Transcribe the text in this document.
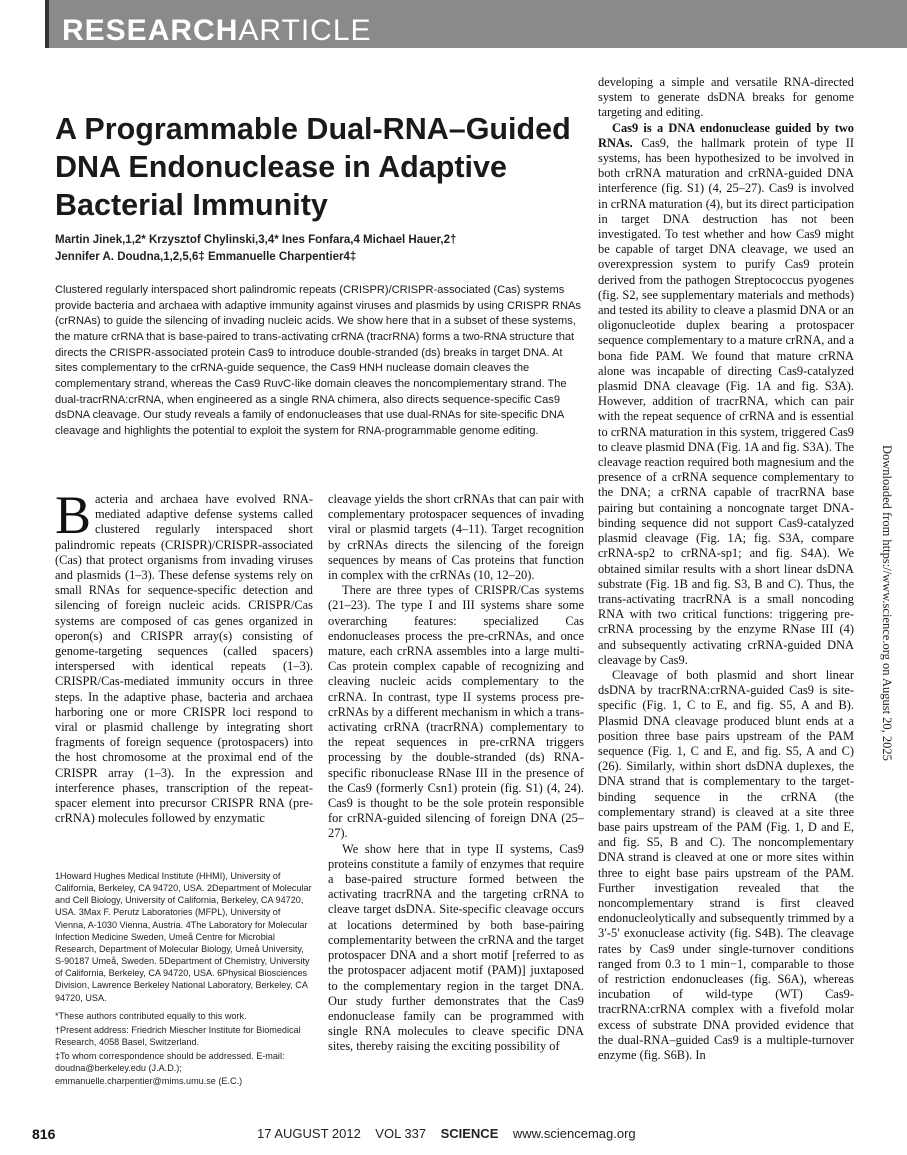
RESEARCHARTICLE
A Programmable Dual-RNA–Guided DNA Endonuclease in Adaptive Bacterial Immunity
Martin Jinek,1,2* Krzysztof Chylinski,3,4* Ines Fonfara,4 Michael Hauer,2†
Jennifer A. Doudna,1,2,5,6‡ Emmanuelle Charpentier4‡
Clustered regularly interspaced short palindromic repeats (CRISPR)/CRISPR-associated (Cas) systems provide bacteria and archaea with adaptive immunity against viruses and plasmids by using CRISPR RNAs (crRNAs) to guide the silencing of invading nucleic acids. We show here that in a subset of these systems, the mature crRNA that is base-paired to trans-activating crRNA (tracrRNA) forms a two-RNA structure that directs the CRISPR-associated protein Cas9 to introduce double-stranded (ds) breaks in target DNA. At sites complementary to the crRNA-guide sequence, the Cas9 HNH nuclease domain cleaves the complementary strand, whereas the Cas9 RuvC-like domain cleaves the noncomplementary strand. The dual-tracrRNA:crRNA, when engineered as a single RNA chimera, also directs sequence-specific Cas9 dsDNA cleavage. Our study reveals a family of endonucleases that use dual-RNAs for site-specific DNA cleavage and highlights the potential to exploit the system for RNA-programmable genome editing.

Bacteria and archaea have evolved RNA-mediated adaptive defense systems called clustered regularly interspaced short palindromic repeats (CRISPR)/CRISPR-associated (Cas) that protect organisms from invading viruses and plasmids (1–3). These defense systems rely on small RNAs for sequence-specific detection and silencing of foreign nucleic acids. CRISPR/Cas systems are composed of cas genes organized in operon(s) and CRISPR array(s) consisting of genome-targeting sequences (called spacers) interspersed with identical repeats (1–3). CRISPR/Cas-mediated immunity occurs in three steps. In the adaptive phase, bacteria and archaea harboring one or more CRISPR loci respond to viral or plasmid challenge by integrating short fragments of foreign sequence (protospacers) into the host chromosome at the proximal end of the CRISPR array (1–3). In the expression and interference phases, transcription of the repeat-spacer element into precursor CRISPR RNA (pre-crRNA) molecules followed by enzymatic

1Howard Hughes Medical Institute (HHMI), University of California, Berkeley, CA 94720, USA. 2Department of Molecular and Cell Biology, University of California, Berkeley, CA 94720, USA. 3Max F. Perutz Laboratories (MFPL), University of Vienna, A-1030 Vienna, Austria. 4The Laboratory for Molecular Infection Medicine Sweden, Umeå Centre for Microbial Research, Department of Molecular Biology, Umeå University, S-90187 Umeå, Sweden. 5Department of Chemistry, University of California, Berkeley, CA 94720, USA. 6Physical Biosciences Division, Lawrence Berkeley National Laboratory, Berkeley, CA 94720, USA.

*These authors contributed equally to this work.

†Present address: Friedrich Miescher Institute for Biomedical Research, 4058 Basel, Switzerland.

‡To whom correspondence should be addressed. E-mail: doudna@berkeley.edu (J.A.D.); emmanuelle.charpentier@mims.umu.se (E.C.)

cleavage yields the short crRNAs that can pair with complementary protospacer sequences of invading viral or plasmid targets (4–11). Target recognition by crRNAs directs the silencing of the foreign sequences by means of Cas proteins that function in complex with the crRNAs (10, 12–20).

There are three types of CRISPR/Cas systems (21–23). The type I and III systems share some overarching features: specialized Cas endonucleases process the pre-crRNAs, and once mature, each crRNA assembles into a large multi-Cas protein complex capable of recognizing and cleaving nucleic acids complementary to the crRNA. In contrast, type II systems process pre-crRNAs by a different mechanism in which a trans-activating crRNA (tracrRNA) complementary to the repeat sequences in pre-crRNA triggers processing by the double-stranded (ds) RNA-specific ribonuclease RNase III in the presence of the Cas9 (formerly Csn1) protein (fig. S1) (4, 24). Cas9 is thought to be the sole protein responsible for crRNA-guided silencing of foreign DNA (25–27).

We show here that in type II systems, Cas9 proteins constitute a family of enzymes that require a base-paired structure formed between the activating tracrRNA and the targeting crRNA to cleave target dsDNA. Site-specific cleavage occurs at locations determined by both base-pairing complementarity between the crRNA and the target protospacer DNA and a short motif [referred to as the protospacer adjacent motif (PAM)] juxtaposed to the complementary region in the target DNA. Our study further demonstrates that the Cas9 endonuclease family can be programmed with single RNA molecules to cleave specific DNA sites, thereby raising the exciting possibility of

developing a simple and versatile RNA-directed system to generate dsDNA breaks for genome targeting and editing.

Cas9 is a DNA endonuclease guided by two RNAs. Cas9, the hallmark protein of type II systems, has been hypothesized to be involved in both crRNA maturation and crRNA-guided DNA interference (fig. S1) (4, 25–27). Cas9 is involved in crRNA maturation (4), but its direct participation in target DNA destruction has not been investigated. To test whether and how Cas9 might be capable of target DNA cleavage, we used an overexpression system to purify Cas9 protein derived from the pathogen Streptococcus pyogenes (fig. S2, see supplementary materials and methods) and tested its ability to cleave a plasmid DNA or an oligonucleotide duplex bearing a protospacer sequence complementary to a mature crRNA, and a bona fide PAM. We found that mature crRNA alone was incapable of directing Cas9-catalyzed plasmid DNA cleavage (Fig. 1A and fig. S3A). However, addition of tracrRNA, which can pair with the repeat sequence of crRNA and is essential to crRNA maturation in this system, triggered Cas9 to cleave plasmid DNA (Fig. 1A and fig. S3A). The cleavage reaction required both magnesium and the presence of a crRNA sequence complementary to the DNA; a crRNA capable of tracrRNA base pairing but containing a noncognate target DNA-binding sequence did not support Cas9-catalyzed plasmid cleavage (Fig. 1A; fig. S3A, compare crRNA-sp2 to crRNA-sp1; and fig. S4A). We obtained similar results with a short linear dsDNA substrate (Fig. 1B and fig. S3, B and C). Thus, the trans-activating tracrRNA is a small noncoding RNA with two critical functions: triggering pre-crRNA processing by the enzyme RNase III (4) and subsequently activating crRNA-guided DNA cleavage by Cas9.

Cleavage of both plasmid and short linear dsDNA by tracrRNA:crRNA-guided Cas9 is site-specific (Fig. 1, C to E, and fig. S5, A and B). Plasmid DNA cleavage produced blunt ends at a position three base pairs upstream of the PAM sequence (Fig. 1, C and E, and fig. S5, A and C) (26). Similarly, within short dsDNA duplexes, the DNA strand that is complementary to the target-binding sequence in the crRNA (the complementary strand) is cleaved at a site three base pairs upstream of the PAM (Fig. 1, D and E, and fig. S5, B and C). The noncomplementary DNA strand is cleaved at one or more sites within three to eight base pairs upstream of the PAM. Further investigation revealed that the noncomplementary strand is first cleaved endonucleolytically and subsequently trimmed by a 3′-5′ exonuclease activity (fig. S4B). The cleavage rates by Cas9 under single-turnover conditions ranged from 0.3 to 1 min−1, comparable to those of restriction endonucleases (fig. S6A), whereas incubation of wild-type (WT) Cas9-tracrRNA:crRNA complex with a fivefold molar excess of substrate DNA provided evidence that the dual-RNA–guided Cas9 is a multiple-turnover enzyme (fig. S6B). In

Downloaded from https://www.science.org on August 20, 2025
816	17 AUGUST 2012 VOL 337 SCIENCE www.sciencemag.org
